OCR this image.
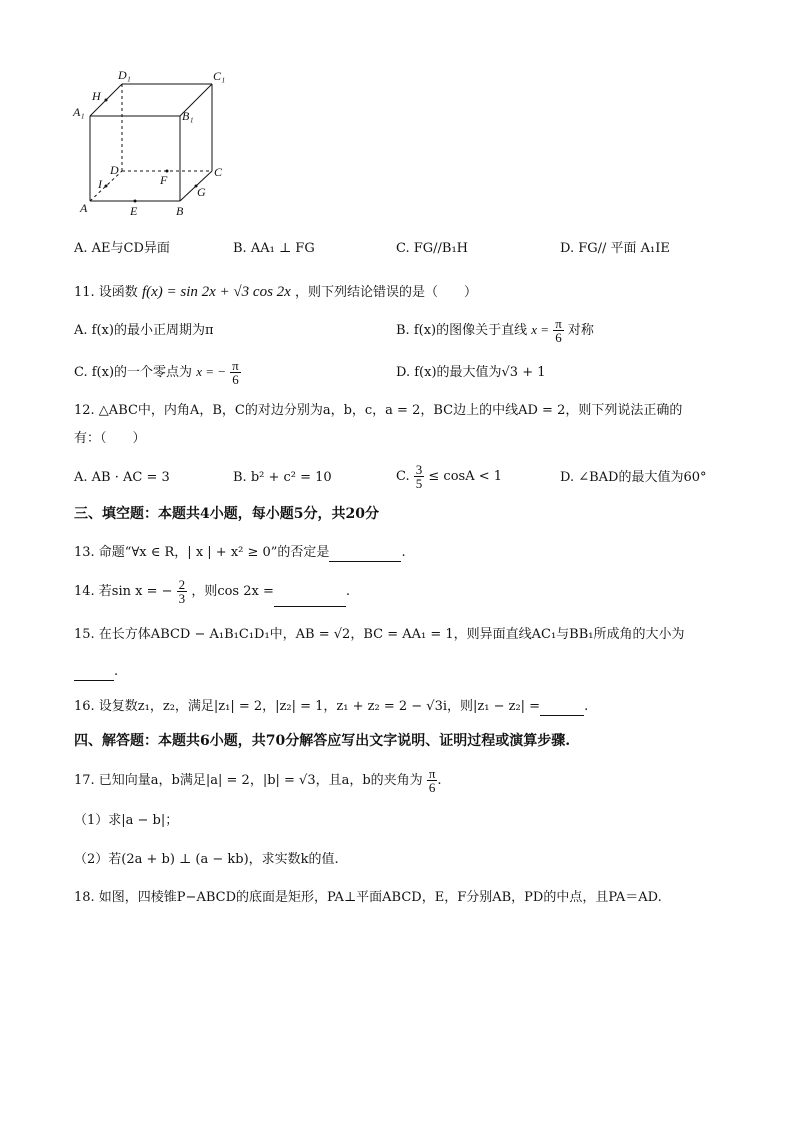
D₁	C₁
H
A₁	B₁
D	C
F
I
G
A	E	B
A. AE与CD异面	B. AA₁ ⊥ FG	C. FG//B₁H	D. FG// 平面 A₁IE
11. 设函数 f(x) = sin 2x + √3 cos 2x ，则下列结论错误的是（　　）
A. f(x)的最小正周期为π	B. f(x)的图像关于直线 $x = \frac{\pi}{6}$ 对称
C. f(x)的一个零点为 x = − $\frac{\pi}{6}$	D. f(x)的最大值为√3 + 1
12. △ABC中，内角A，B，C的对边分别为a，b，c，a = 2，BC边上的中线AD = 2，则下列说法正确的
有：（　　）
A. AB · AC = 3	B. b² + c² = 10	C. $\frac{3}{5} \le \cos A < 1$	D. ∠BAD的最大值为60°
三、填空题：本题共4小题，每小题5分，共20分
13. 命题“∀x ∈ R，| x | + x² ≥ 0”的否定是	.
14. 若sin x = − $\frac{2}{3}$ ，则cos 2x =	.
15. 在长方体ABCD − A₁B₁C₁D₁中，AB = √2，BC = AA₁ = 1，则异面直线AC₁与BB₁所成角的大小为
.
16. 设复数z₁，z₂，满足|z₁| = 2，|z₂| = 1，z₁ + z₂ = 2 − √3i，则|z₁ − z₂| =	.
四、解答题：本题共6小题，共70分解答应写出文字说明、证明过程或演算步骤.
17. 已知向量a，b满足|a| = 2，|b| = √3，且a，b的夹角为 $\frac{\pi}{6}$ .
（1）求|a − b|；
（2）若(2a + b) ⊥ (a − kb)，求实数k的值.
18. 如图，四棱锥P−ABCD的底面是矩形，PA⊥平面ABCD，E，F分别AB，PD的中点，且PA＝AD.
